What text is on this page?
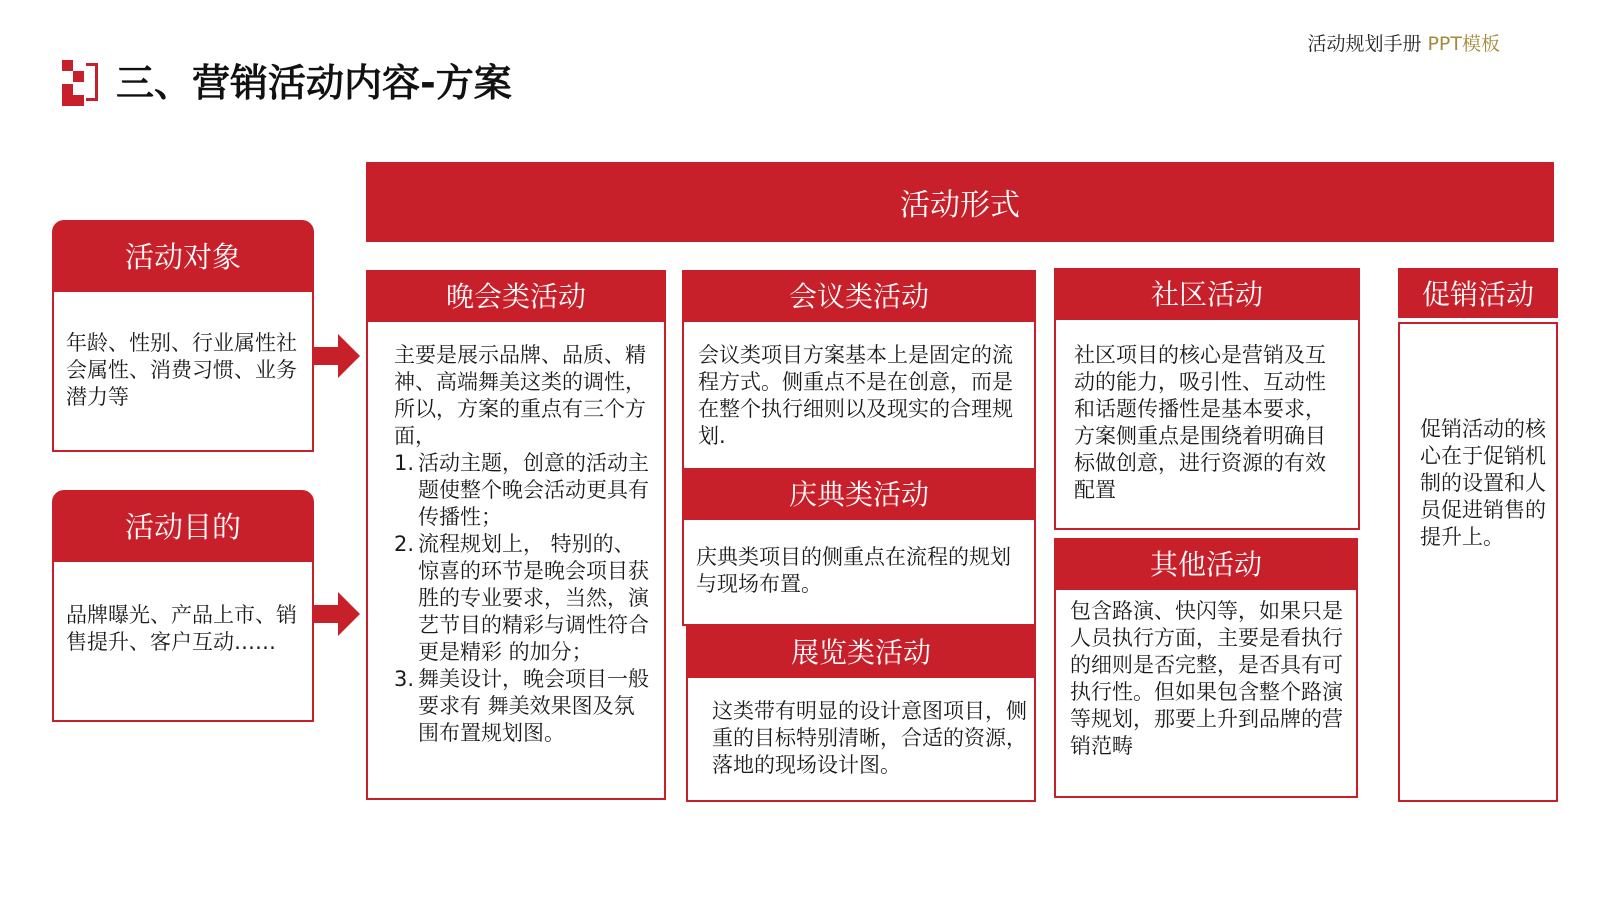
活动规划手册 PPT模板
三、营销活动内容-方案
活动形式
活动对象
年龄、性别、行业属性社会属性、消费习惯、业务潜力等
活动目的
品牌曝光、产品上市、销售提升、客户互动……
晚会类活动
主要是展示品牌、品质、精神、高端舞美这类的调性，所以，方案的重点有三个方面，
1. 活动主题，创意的活动主题使整个晚会活动更具有传播性；
2. 流程规划上， 特别的、惊喜的环节是晚会项目获胜的专业要求，当然，演艺节目的精彩与调性符合更是精彩 的加分；
3. 舞美设计，晚会项目一般要求有 舞美效果图及氛围布置规划图。
会议类活动
会议类项目方案基本上是固定的流程方式。侧重点不是在创意，而是在整个执行细则以及现实的合理规划.
庆典类活动
庆典类项目的侧重点在流程的规划与现场布置。
展览类活动
这类带有明显的设计意图项目，侧重的目标特别清晰，合适的资源，落地的现场设计图。
社区活动
社区项目的核心是营销及互动的能力，吸引性、互动性和话题传播性是基本要求，方案侧重点是围绕着明确目标做创意，进行资源的有效配置
其他活动
包含路演、快闪等，如果只是人员执行方面，主要是看执行的细则是否完整，是否具有可执行性。但如果包含整个路演等规划，那要上升到品牌的营销范畴
促销活动
促销活动的核心在于促销机制的设置和人员促进销售的提升上。
